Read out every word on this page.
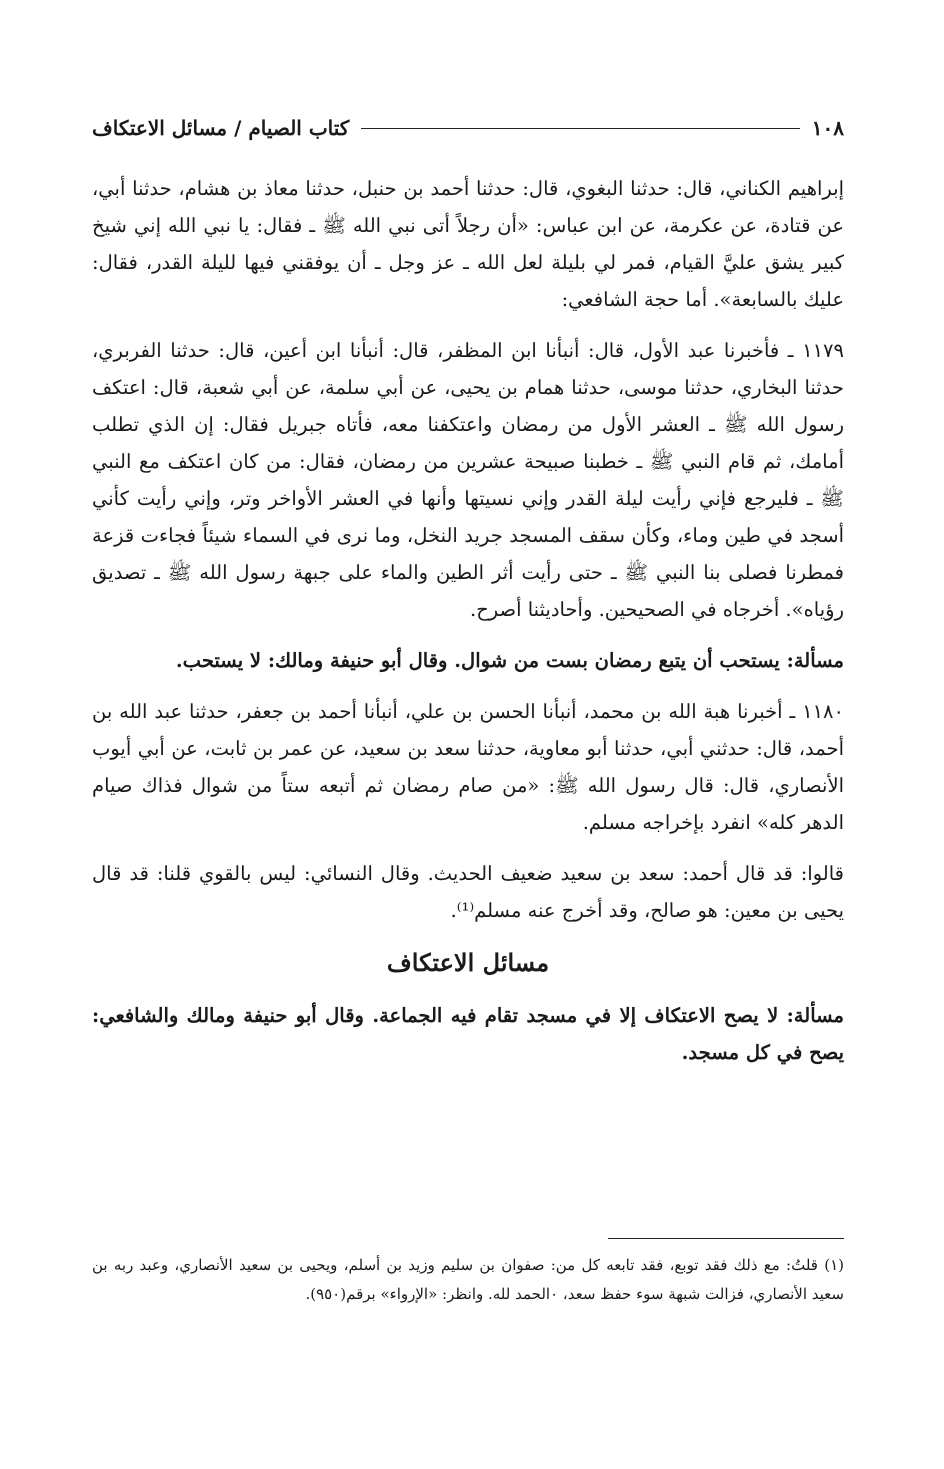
١٠٨
كتاب الصيام / مسائل الاعتكاف

إبراهيم الكناني، قال: حدثنا البغوي، قال: حدثنا أحمد بن حنبل، حدثنا معاذ بن هشام، حدثنا أبي، عن قتادة، عن عكرمة، عن ابن عباس: «أن رجلاً أتى نبي الله ﷺ ـ فقال: يا نبي الله إني شيخ كبير يشق عليَّ القيام، فمر لي بليلة لعل الله ـ عز وجل ـ أن يوفقني فيها لليلة القدر، فقال: عليك بالسابعة». أما حجة الشافعي:

١١٧٩ ـ فأخبرنا عبد الأول، قال: أنبأنا ابن المظفر، قال: أنبأنا ابن أعين، قال: حدثنا الفربري، حدثنا البخاري، حدثنا موسى، حدثنا همام بن يحيى، عن أبي سلمة، عن أبي شعبة، قال: اعتكف رسول الله ﷺ ـ العشر الأول من رمضان واعتكفنا معه، فأتاه جبريل فقال: إن الذي تطلب أمامك، ثم قام النبي ﷺ ـ خطبنا صبيحة عشرين من رمضان، فقال: من كان اعتكف مع النبي ﷺ ـ فليرجع فإني رأيت ليلة القدر وإني نسيتها وأنها في العشر الأواخر وتر، وإني رأيت كأني أسجد في طين وماء، وكأن سقف المسجد جريد النخل، وما نرى في السماء شيئاً فجاءت قزعة فمطرنا فصلى بنا النبي ﷺ ـ حتى رأيت أثر الطين والماء على جبهة رسول الله ﷺ ـ تصديق رؤياه». أخرجاه في الصحيحين. وأحاديثنا أصرح.

مسألة: يستحب أن يتبع رمضان بست من شوال. وقال أبو حنيفة ومالك: لا يستحب.

١١٨٠ ـ أخبرنا هبة الله بن محمد، أنبأنا الحسن بن علي، أنبأنا أحمد بن جعفر، حدثنا عبد الله بن أحمد، قال: حدثني أبي، حدثنا أبو معاوية، حدثنا سعد بن سعيد، عن عمر بن ثابت، عن أبي أيوب الأنصاري، قال: قال رسول الله ﷺ: «من صام رمضان ثم أتبعه ستاً من شوال فذاك صيام الدهر كله» انفرد بإخراجه مسلم.

قالوا: قد قال أحمد: سعد بن سعيد ضعيف الحديث. وقال النسائي: ليس بالقوي قلنا: قد قال يحيى بن معين: هو صالح، وقد أخرج عنه مسلم⁽¹⁾.

مسائل الاعتكاف

مسألة: لا يصح الاعتكاف إلا في مسجد تقام فيه الجماعة. وقال أبو حنيفة ومالك والشافعي: يصح في كل مسجد.

(١) قلتُ: مع ذلك فقد توبع، فقد تابعه كل من: صفوان بن سليم وزيد بن أسلم، ويحيى بن سعيد الأنصاري، وعبد ربه بن سعيد الأنصاري، فزالت شبهة سوء حفظ سعد، ٠الحمد لله. وانظر: «الإرواء» برقم(٩٥٠).
